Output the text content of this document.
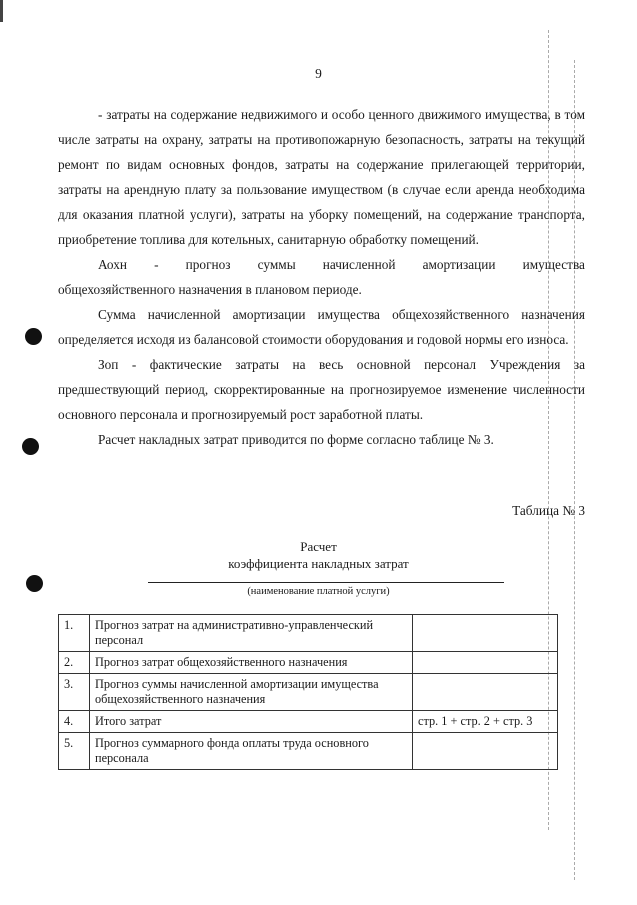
9

- затраты на содержание недвижимого и особо ценного движимого имущества, в том числе затраты на охрану, затраты на противопожарную безопасность, затраты на текущий ремонт по видам основных фондов, затраты на содержание прилегающей территории, затраты на арендную плату за пользование имуществом (в случае если аренда необходима для оказания платной услуги), затраты на уборку помещений, на содержание транспорта, приобретение топлива для котельных, санитарную обработку помещений.

Аохн - прогноз суммы начисленной амортизации имущества

общехозяйственного назначения в плановом периоде.

Сумма начисленной амортизации имущества общехозяйственного назначения определяется исходя из балансовой стоимости оборудования и годовой нормы его износа.

Зоп - фактические затраты на весь основной персонал Учреждения за предшествующий период, скорректированные на прогнозируемое изменение численности основного персонала и прогнозируемый рост заработной платы.

Расчет накладных затрат приводится по форме согласно таблице № 3.

Таблица № 3
Расчет
коэффициента накладных затрат
(наименование платной услуги)
1.	Прогноз затрат на административно-управленческий персонал	
2.	Прогноз затрат общехозяйственного назначения	
3.	Прогноз суммы начисленной амортизации имущества общехозяйственного назначения	
4.	Итого затрат	стр. 1 + стр. 2 + стр. 3
5.	Прогноз суммарного фонда оплаты труда основного персонала	
